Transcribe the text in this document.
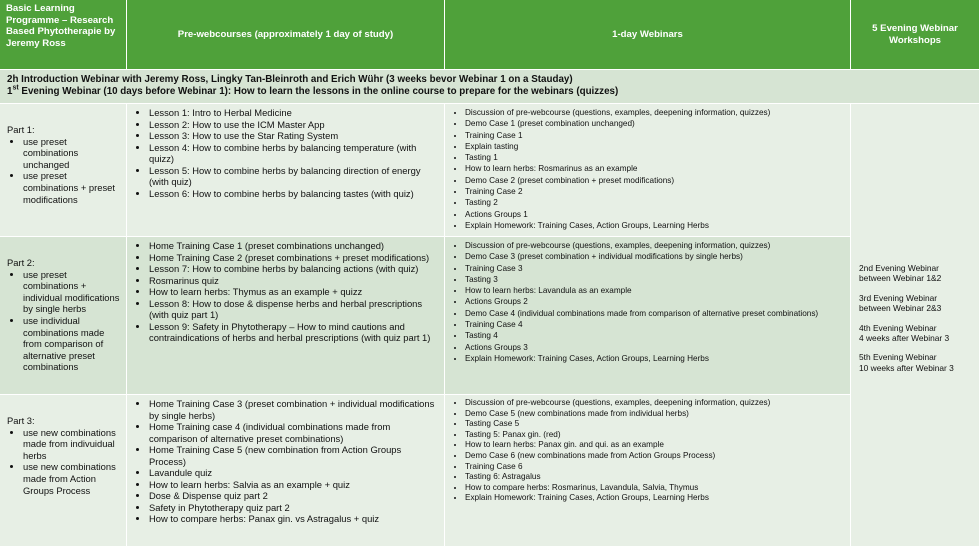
Basic Learning Programme – Research Based Phytotherapie by Jeremy Ross
Pre-webcourses (approximately 1 day of study)	1-day Webinars
5 Evening Webinar Workshops
2h Introduction Webinar with Jeremy Ross, Lingky Tan-Bleinroth and Erich Wühr (3 weeks bevor Webinar 1 on a Stauday)
1st Evening Webinar (10 days before Webinar 1): How to learn the lessons in the online course to prepare for the webinars (quizzes)
Part 1:
• use preset combinations unchanged
• use preset combinations + preset modifications
• Lesson 1: Intro to Herbal Medicine
• Lesson 2: How to use the ICM Master App
• Lesson 3: How to use the Star Rating System
• Lesson 4: How to combine herbs by balancing temperature (with quizz)
• Lesson 5: How to combine herbs by balancing direction of energy (with quiz)
• Lesson 6: How to combine herbs by balancing tastes (with quiz)
• Discussion of pre-webcourse (questions, examples, deepening information, quizzes)
• Demo Case 1 (preset combination unchanged)
• Training Case 1
• Explain tasting
• Tasting 1
• How to learn herbs: Rosmarinus as an example
• Demo Case 2 (preset combination + preset modifications)
• Training Case 2
• Tasting 2
• Actions Groups 1
• Explain Homework: Training Cases, Action Groups, Learning Herbs
Part 2:
• use preset combinations + individual modifications by single herbs
• use individual combinations made from comparison of alternative preset combinations
• Home Training Case 1 (preset combinations unchanged)
• Home Training Case 2 (preset combinations + preset modifications)
• Lesson 7: How to combine herbs by balancing actions (with quiz)
• Rosmarinus quiz
• How to learn herbs: Thymus as an example + quizz
• Lesson 8: How to dose & dispense herbs and herbal prescriptions (with quiz part 1)
• Lesson 9: Safety in Phytotherapy – How to mind cautions and contraindications of herbs and herbal prescriptions (with quiz part 1)
• Discussion of pre-webcourse (questions, examples, deepening information, quizzes)
• Demo Case 3 (preset combination + individual modifications by single herbs)
• Training Case 3
• Tasting 3
• How to learn herbs: Lavandula as an example
• Actions Groups 2
• Demo Case 4 (individual combinations made from comparison of alternative preset combinations)
• Training Case 4
• Tasting 4
• Actions Groups 3
• Explain Homework: Training Cases, Action Groups, Learning Herbs
Part 3:
• use new combinations made from indivuidual herbs
• use new combinations made from Action Groups Process
• Home Training Case 3 (preset combination + individual modifications by single herbs)
• Home Training case 4 (individual combinations made from comparison of alternative preset combinations)
• Home Training Case 5 (new combination from Action Groups Process)
• Lavandule quiz
• How to learn herbs: Salvia as an example + quiz
• Dose & Dispense quiz part 2
• Safety in Phytotherapy quiz part 2
• How to compare herbs: Panax gin. vs Astragalus + quiz
• Discussion of pre-webcourse (questions, examples, deepening information, quizzes)
• Demo Case 5 (new combinations made from individual herbs)
• Tasting Case 5
• Tasting 5: Panax gin. (red)
• How to learn herbs: Panax gin. and qui. as an example
• Demo Case 6 (new combinations made from Action Groups Process)
• Training Case 6
• Tasting 6: Astragalus
• How to compare herbs: Rosmarinus, Lavandula, Salvia, Thymus
• Explain Homework: Training Cases, Action Groups, Learning Herbs
2nd Evening Webinar
between Webinar 1&2
3rd Evening Webinar
between Webinar 2&3
4th Evening Webinar
4 weeks after Webinar 3
5th Evening Webinar
10 weeks after Webinar 3
